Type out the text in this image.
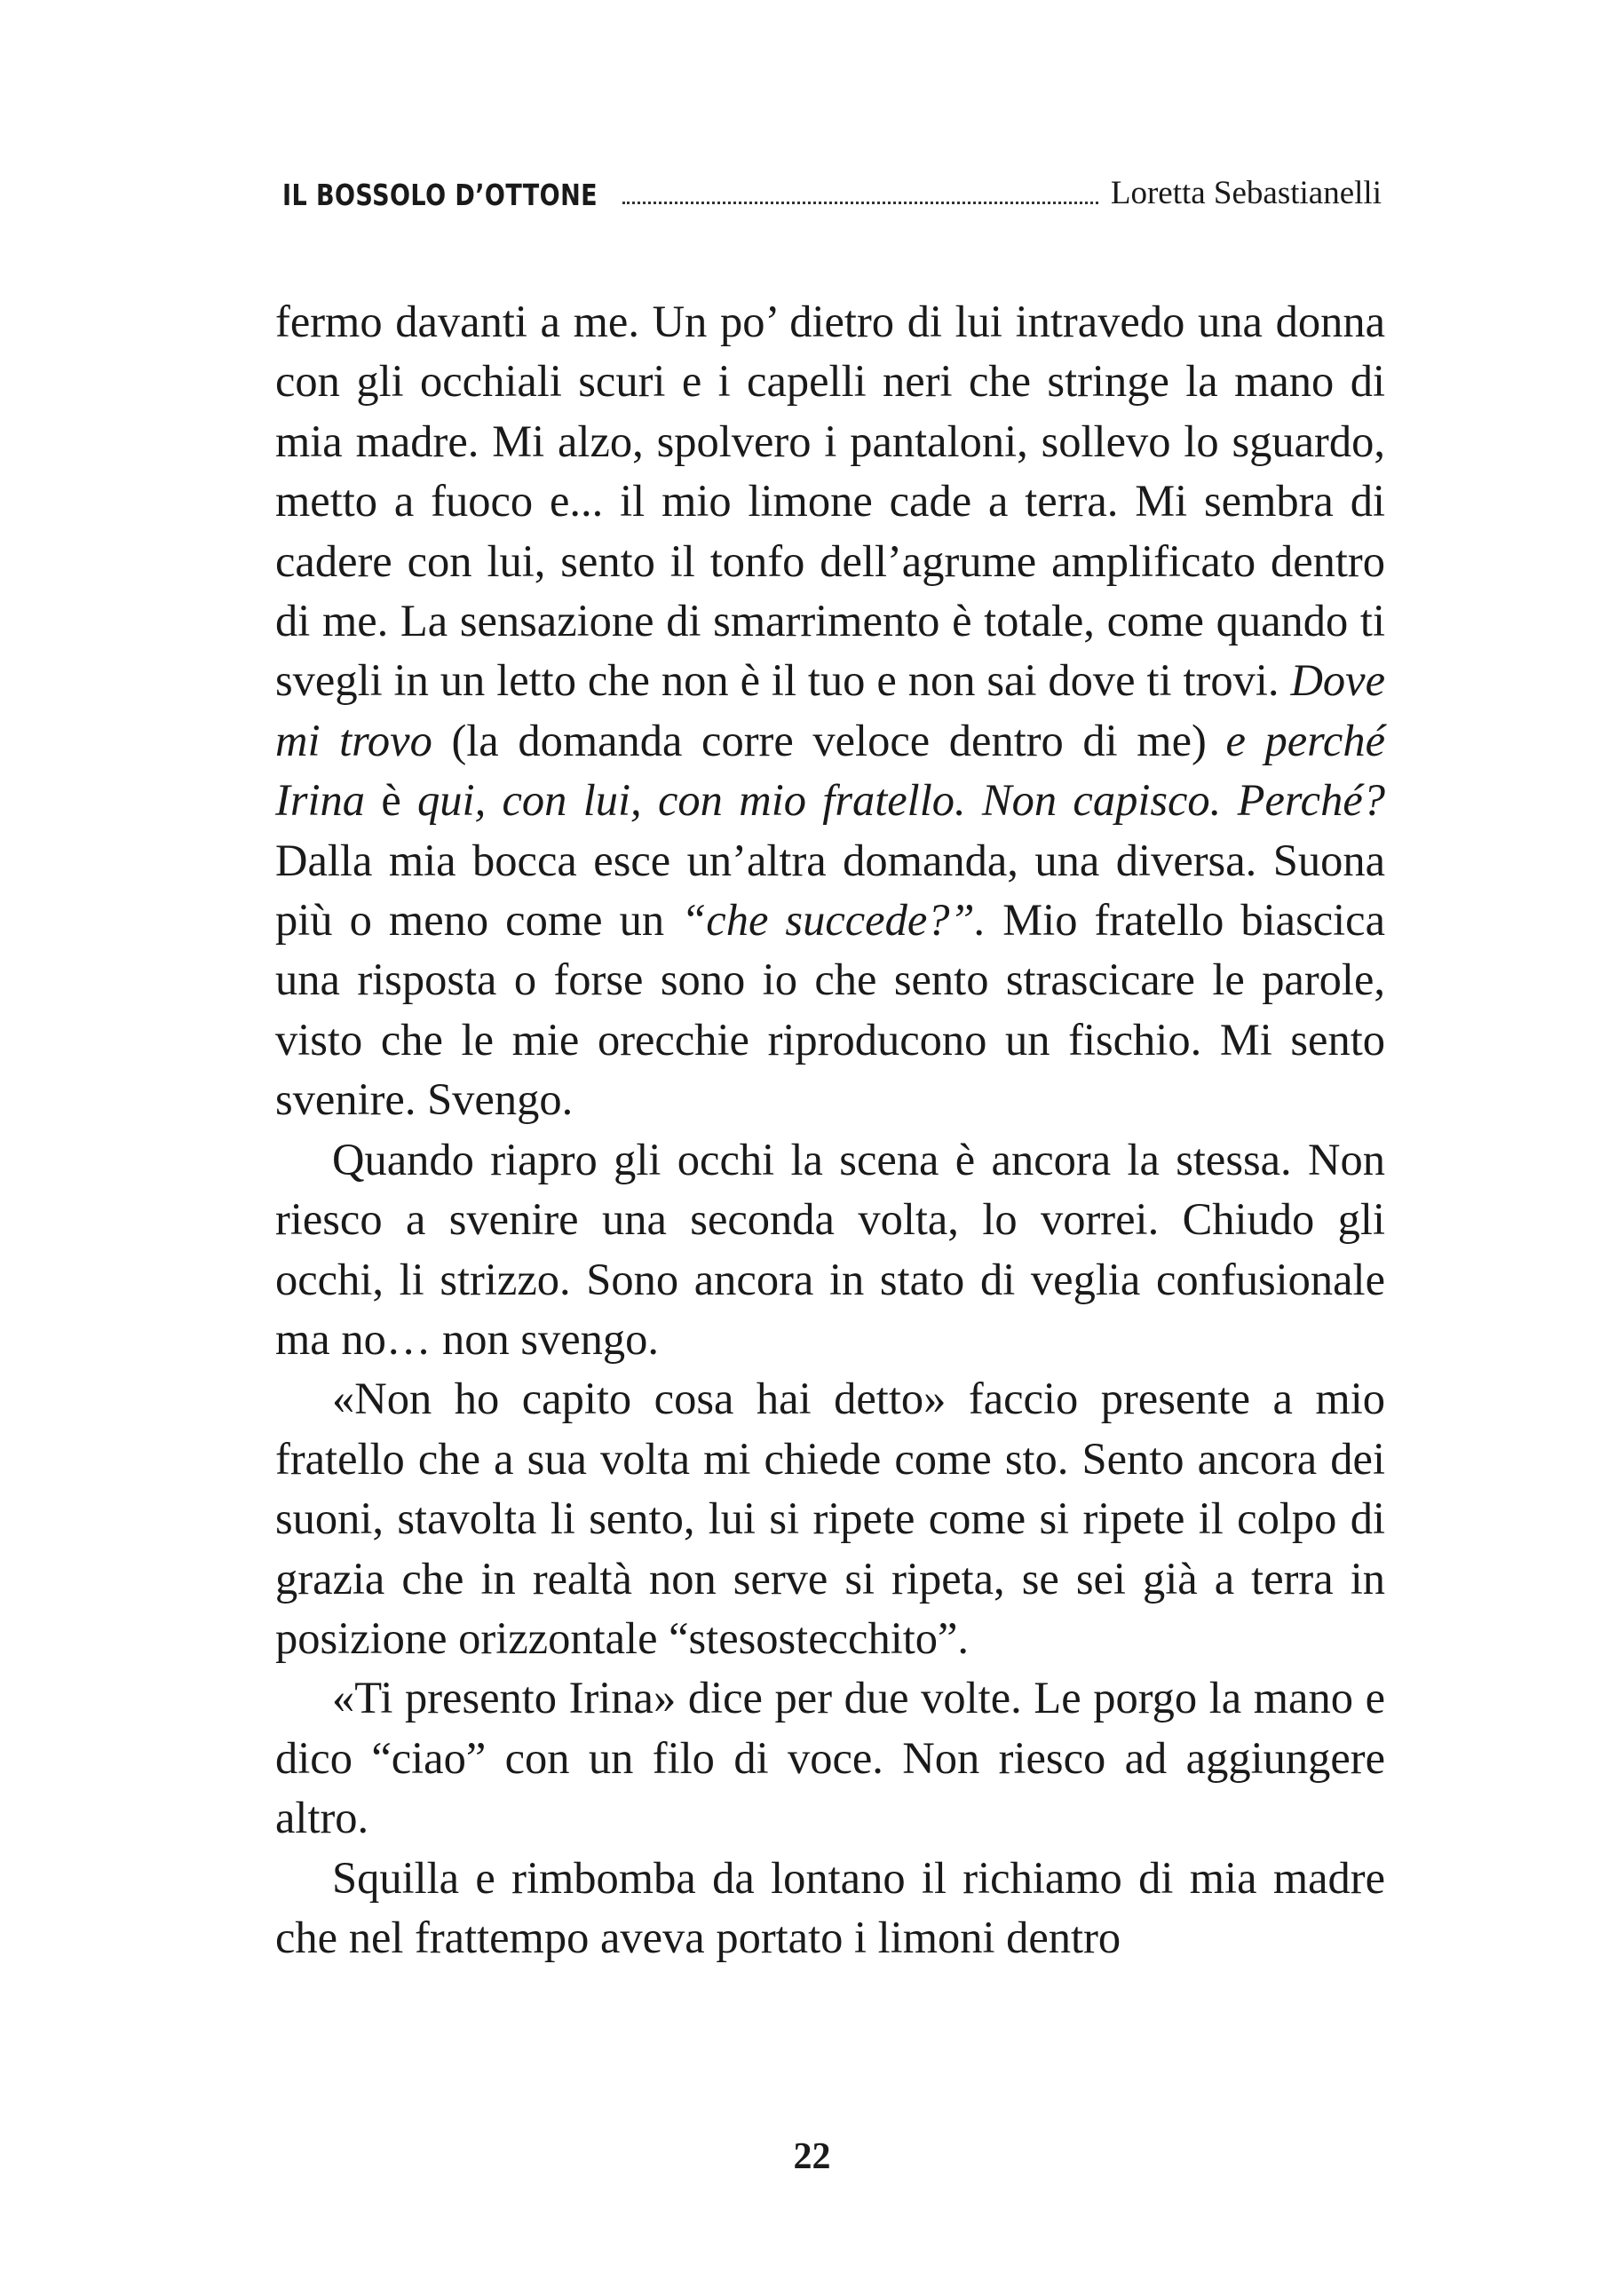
IL BOSSOLO D’OTTONE	Loretta Sebastianelli

fermo davanti a me. Un po’ dietro di lui intravedo una donna con gli occhiali scuri e i capelli neri che stringe la mano di mia madre. Mi alzo, spolvero i pantaloni, sollevo lo sguardo, metto a fuoco e... il mio limone cade a terra. Mi sembra di cadere con lui, sento il tonfo dell’agrume amplificato dentro di me. La sensazione di smarrimento è totale, come quando ti svegli in un letto che non è il tuo e non sai dove ti trovi. Dove mi trovo (la domanda corre veloce dentro di me) e perché Irina è qui, con lui, con mio fratello. Non capisco. Perché? Dalla mia bocca esce un’altra domanda, una diversa. Suona più o meno come un “che succede?”. Mio fratello biascica una risposta o forse sono io che sento strascicare le parole, visto che le mie orecchie riproducono un fischio. Mi sento svenire. Svengo.

Quando riapro gli occhi la scena è ancora la stessa. Non riesco a svenire una seconda volta, lo vorrei. Chiudo gli occhi, li strizzo. Sono ancora in stato di veglia confusionale ma no… non svengo.

«Non ho capito cosa hai detto» faccio presente a mio fratello che a sua volta mi chiede come sto. Sento ancora dei suoni, stavolta li sento, lui si ripete come si ripete il colpo di grazia che in realtà non serve si ripeta, se sei già a terra in posizione orizzontale “stesostecchito”.

«Ti presento Irina» dice per due volte. Le porgo la mano e dico “ciao” con un filo di voce. Non riesco ad aggiungere altro.

Squilla e rimbomba da lontano il richiamo di mia madre che nel frattempo aveva portato i limoni dentro

22
